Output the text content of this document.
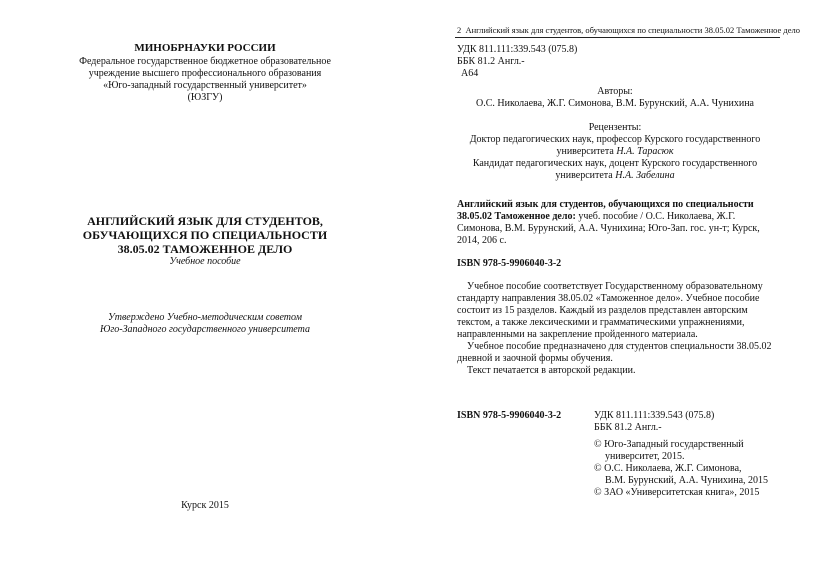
МИНОБРНАУКИ РОССИИ
Федеральное государственное бюджетное образовательное
учреждение высшего профессионального образования
«Юго-западный государственный университет»
(ЮЗГУ)
АНГЛИЙСКИЙ ЯЗЫК ДЛЯ СТУДЕНТОВ,
ОБУЧАЮЩИХСЯ ПО СПЕЦИАЛЬНОСТИ
38.05.02 ТАМОЖЕННОЕ ДЕЛО
Учебное пособие
Утверждено Учебно-методическим советом
Юго-Западного государственного университета
Курск 2015
2 Английский язык для студентов, обучающихся по специальности 38.05.02 Таможенное дело
УДК 811.111:339.543 (075.8)
ББК 81.2 Англ.-
А64
Авторы:
О.С. Николаева, Ж.Г. Симонова, В.М. Бурунский, А.А. Чунихина
Рецензенты:
Доктор педагогических наук, профессор Курского государственного
университета Н.А. Тарасюк
Кандидат педагогических наук, доцент Курского государственного
университета Н.А. Забелина
Английский язык для студентов, обучающихся по специальности
38.05.02 Таможенное дело: учеб. пособие / О.С. Николаева, Ж.Г.
Симонова, В.М. Бурунский, А.А. Чунихина; Юго-Зап. гос. ун-т; Курск,
2014, 206 с.
ISBN 978-5-9906040-3-2
Учебное пособие соответствует Государственному образовательному
стандарту направления 38.05.02 «Таможенное дело». Учебное пособие
состоит из 15 разделов. Каждый из разделов представлен авторским
текстом, а также лексическими и грамматическими упражнениями,
направленными на закрепление пройденного материала.
Учебное пособие предназначено для студентов специальности 38.05.02
дневной и заочной формы обучения.
Текст печатается в авторской редакции.
ISBN 978-5-9906040-3-2	УДК 811.111:339.543 (075.8)
ББК 81.2 Англ.-
© Юго-Западный государственный
университет, 2015.
© О.С. Николаева, Ж.Г. Симонова,
В.М. Бурунский, А.А. Чунихина, 2015
© ЗАО «Университетская книга», 2015
